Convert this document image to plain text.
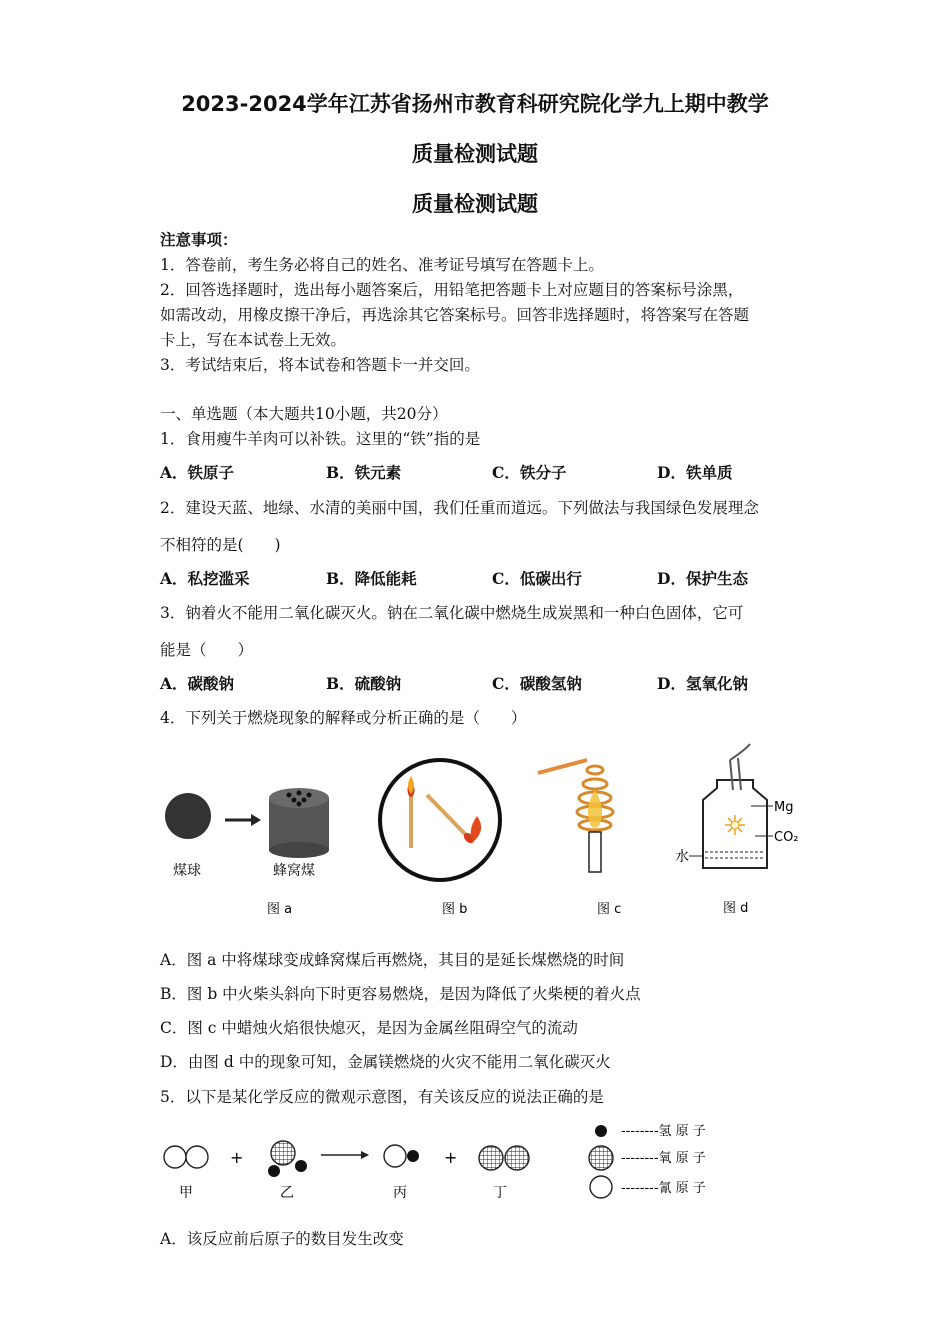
2023-2024学年江苏省扬州市教育科研究院化学九上期中教学
质量检测试题
质量检测试题
注意事项：
1．答卷前，考生务必将自己的姓名、准考证号填写在答题卡上。
2．回答选择题时，选出每小题答案后，用铅笔把答题卡上对应题目的答案标号涂黑，
如需改动，用橡皮擦干净后，再选涂其它答案标号。回答非选择题时，将答案写在答题
卡上，写在本试卷上无效。
3．考试结束后，将本试卷和答题卡一并交回。
一、单选题（本大题共10小题，共20分）
1．食用瘦牛羊肉可以补铁。这里的“铁”指的是
A．铁原子	B．铁元素	C．铁分子	D．铁单质
2．建设天蓝、地绿、水清的美丽中国，我们任重而道远。下列做法与我国绿色发展理念
不相符的是(　　)
A．私挖滥采	B．降低能耗	C．低碳出行	D．保护生态
3．钠着火不能用二氧化碳灭火。钠在二氧化碳中燃烧生成炭黑和一种白色固体，它可
能是（　　）
A．碳酸钠	B．硫酸钠	C．碳酸氢钠	D．氢氧化钠
4．下列关于燃烧现象的解释或分析正确的是（　　）
煤球	蜂窝煤
图 a	图 b	图 c
Mg
CO₂
水
图 d
A．图 a 中将煤球变成蜂窝煤后再燃烧，其目的是延长煤燃烧的时间
B．图 b 中火柴头斜向下时更容易燃烧，是因为降低了火柴梗的着火点
C．图 c 中蜡烛火焰很快熄灭，是因为金属丝阻碍空气的流动
D．由图 d 中的现象可知，金属镁燃烧的火灾不能用二氧化碳灭火
5．以下是某化学反应的微观示意图，有关该反应的说法正确的是
+	+
甲	乙	丙	丁
--------氢 原 子
--------氧 原 子
--------氰 原 子
A．该反应前后原子的数目发生改变
